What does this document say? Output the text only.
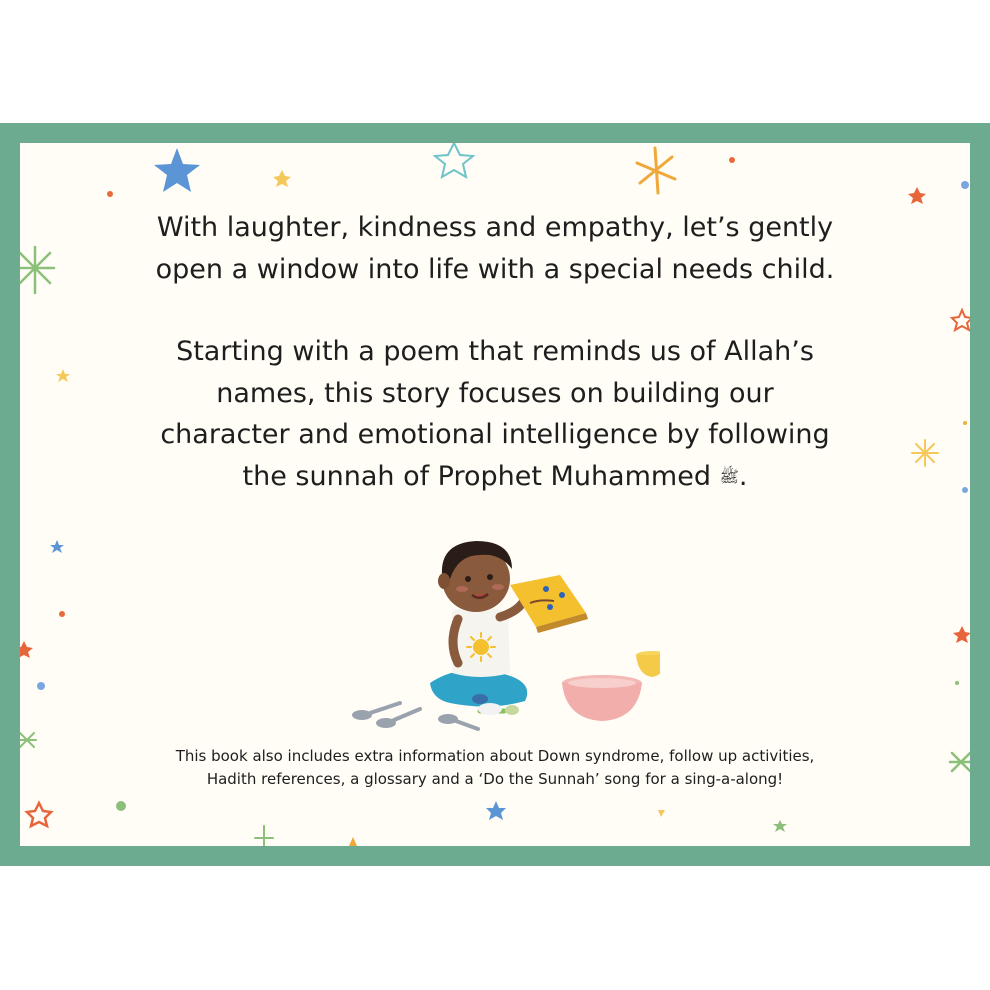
With laughter, kindness and empathy, let’s gently
open a window into life with a special needs child.
Starting with a poem that reminds us of Allah’s
names, this story focuses on building our
character and emotional intelligence by following
the sunnah of Prophet Muhammed ﷺ.
This book also includes extra information about Down syndrome, follow up activities,
Hadith references, a glossary and a ‘Do the Sunnah’ song for a sing-a-along!
